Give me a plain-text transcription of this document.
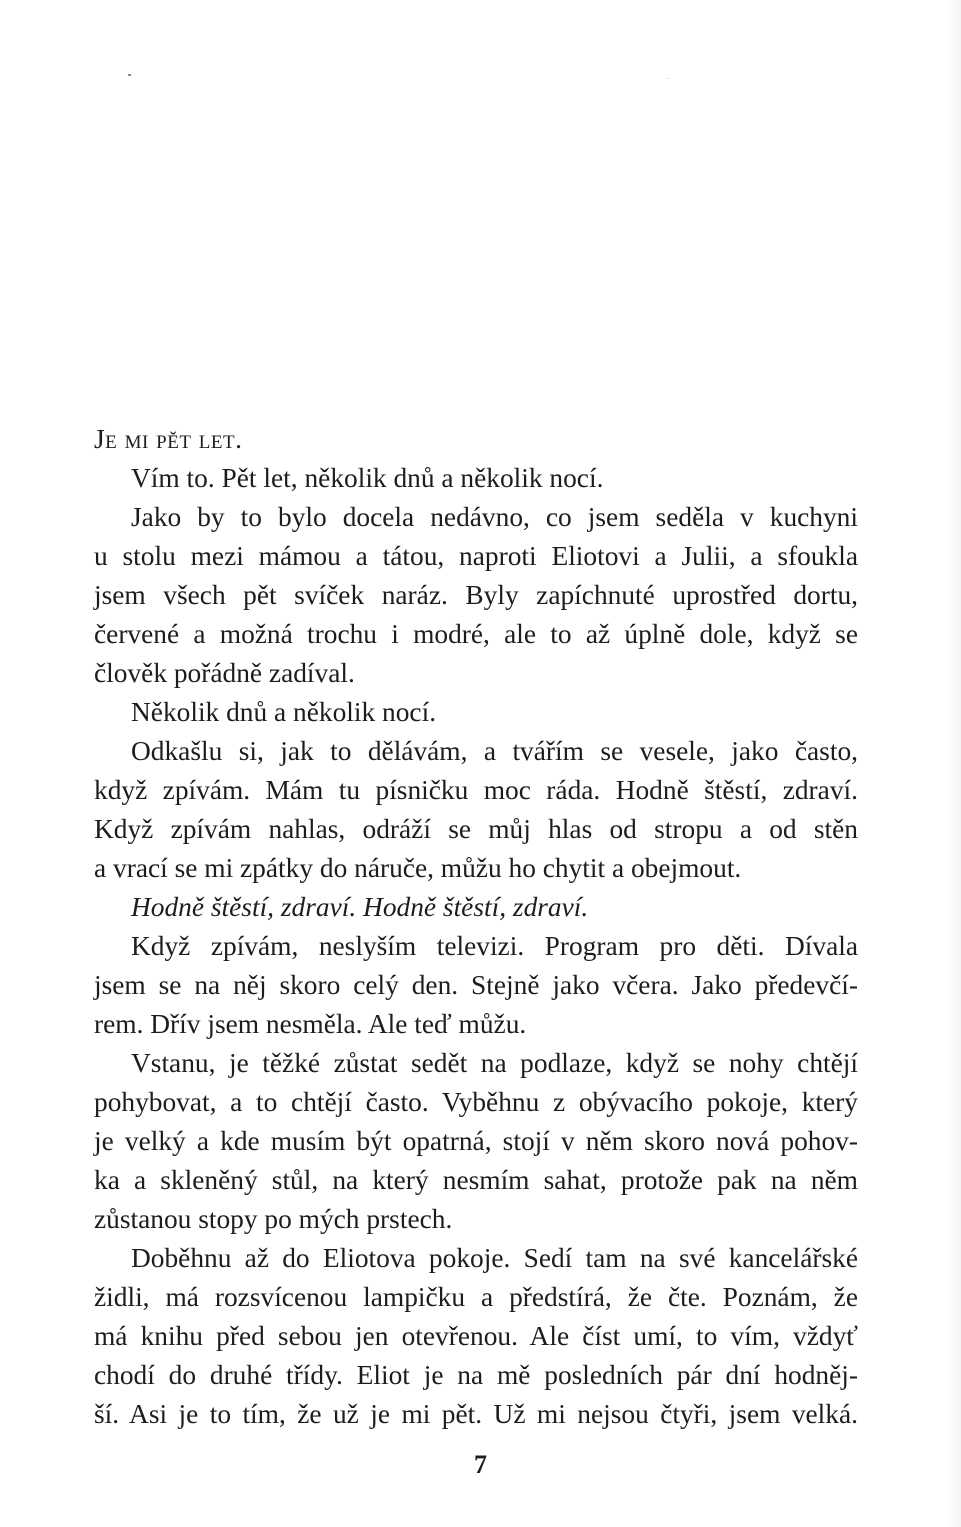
Je mi pět let.
Vím to. Pět let, několik dnů a několik nocí.
Jako by to bylo docela nedávno, co jsem seděla v kuchyni
u stolu mezi mámou a tátou, naproti Eliotovi a Julii, a sfoukla
jsem všech pět svíček naráz. Byly zapíchnuté uprostřed dortu,
červené a možná trochu i modré, ale to až úplně dole, když se
člověk pořádně zadíval.
Několik dnů a několik nocí.
Odkašlu si, jak to dělávám, a tvářím se vesele, jako často,
když zpívám. Mám tu písničku moc ráda. Hodně štěstí, zdraví.
Když zpívám nahlas, odráží se můj hlas od stropu a od stěn
a vrací se mi zpátky do náruče, můžu ho chytit a obejmout.
Hodně štěstí, zdraví. Hodně štěstí, zdraví.
Když zpívám, neslyším televizi. Program pro děti. Dívala
jsem se na něj skoro celý den. Stejně jako včera. Jako předevčí-
rem. Dřív jsem nesměla. Ale teď můžu.
Vstanu, je těžké zůstat sedět na podlaze, když se nohy chtějí
pohybovat, a to chtějí často. Vyběhnu z obývacího pokoje, který
je velký a kde musím být opatrná, stojí v něm skoro nová pohov-
ka a skleněný stůl, na který nesmím sahat, protože pak na něm
zůstanou stopy po mých prstech.
Doběhnu až do Eliotova pokoje. Sedí tam na své kancelářské
židli, má rozsvícenou lampičku a předstírá, že čte. Poznám, že
má knihu před sebou jen otevřenou. Ale číst umí, to vím, vždyť
chodí do druhé třídy. Eliot je na mě posledních pár dní hodněj-
ší. Asi je to tím, že už je mi pět. Už mi nejsou čtyři, jsem velká.
7
